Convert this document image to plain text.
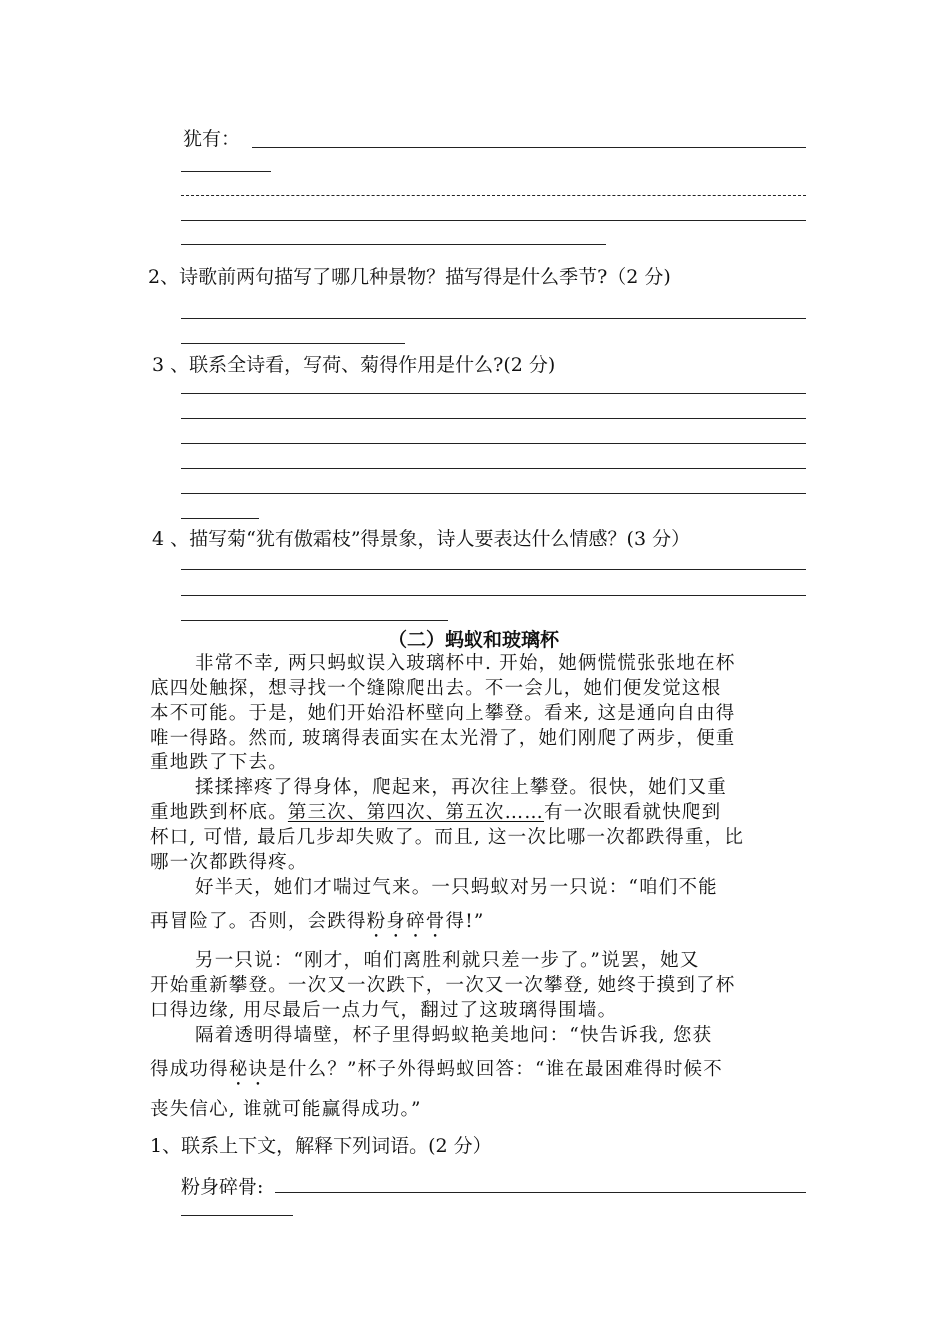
犹有：
2、诗歌前两句描写了哪几种景物？描写得是什么季节?（2 分)
3 、联系全诗看，写荷、菊得作用是什么?(2 分)
4 、描写菊“犹有傲霜枝”得景象，诗人要表达什么情感？(3 分）
（二）蚂蚁和玻璃杯
非常不幸, 两只蚂蚁误入玻璃杯中. 开始，她俩慌慌张张地在杯
底四处触探，想寻找一个缝隙爬出去。不一会儿，她们便发觉这根
本不可能。于是，她们开始沿杯壁向上攀登。看来, 这是通向自由得
唯一得路。然而, 玻璃得表面实在太光滑了，她们刚爬了两步，便重
重地跌了下去。
揉揉摔疼了得身体，爬起来，再次往上攀登。很快，她们又重
重地跌到杯底。第三次、第四次、第五次……有一次眼看就快爬到
杯口, 可惜, 最后几步却失败了。而且, 这一次比哪一次都跌得重，比
哪一次都跌得疼。
好半天，她们才喘过气来。一只蚂蚁对另一只说：“咱们不能
再冒险了。否则，会跌得粉身碎骨得!”
另一只说：“刚才，咱们离胜利就只差一步了。”说罢，她又
开始重新攀登。一次又一次跌下，一次又一次攀登, 她终于摸到了杯
口得边缘, 用尽最后一点力气，翻过了这玻璃得围墙。
隔着透明得墙壁，杯子里得蚂蚁艳美地问：“快告诉我, 您获
得成功得秘诀是什么？”杯子外得蚂蚁回答：“谁在最困难得时候不
丧失信心, 谁就可能赢得成功。”
1、联系上下文，解释下列词语。(2 分）
粉身碎骨:
